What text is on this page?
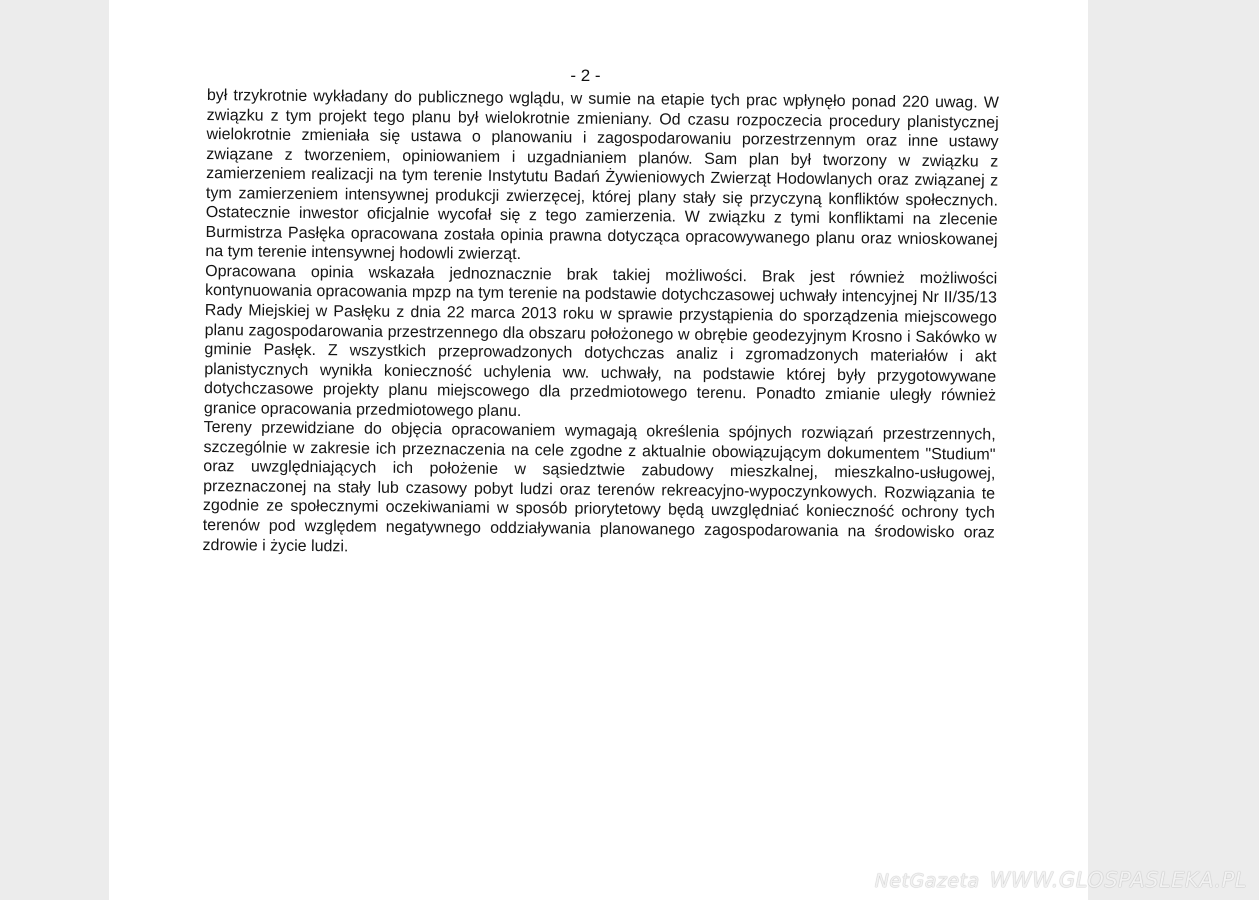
- 2 -

był trzykrotnie wykładany do publicznego wglądu, w sumie na etapie tych prac wpłynęło ponad 220 uwag. W związku z tym projekt tego planu był wielokrotnie zmieniany. Od czasu rozpoczecia procedury planistycznej wielokrotnie zmieniała się ustawa o planowaniu i zagospodarowaniu porzestrzennym oraz inne ustawy związane z tworzeniem, opiniowaniem i uzgadnianiem planów. Sam plan był tworzony w związku z zamierzeniem realizacji na tym terenie Instytutu Badań Żywieniowych Zwierząt Hodowlanych oraz związanej z tym zamierzeniem intensywnej produkcji zwierzęcej, której plany stały się przyczyną konfliktów społecznych. Ostatecznie inwestor oficjalnie wycofał się z tego zamierzenia. W związku z tymi konfliktami na zlecenie Burmistrza Pasłęka opracowana została opinia prawna dotycząca opracowywanego planu oraz wnioskowanej na tym terenie intensywnej hodowli zwierząt.

Opracowana opinia wskazała jednoznacznie brak takiej możliwości. Brak jest również możliwości kontynuowania opracowania mpzp na tym terenie na podstawie dotychczasowej uchwały intencyjnej Nr II/35/13 Rady Miejskiej w Pasłęku z dnia 22 marca 2013 roku w sprawie przystąpienia do sporządzenia miejscowego planu zagospodarowania przestrzennego dla obszaru położonego w obrębie geodezyjnym Krosno i Sakówko w gminie Pasłęk. Z wszystkich przeprowadzonych dotychczas analiz i zgromadzonych materiałów i akt planistycznych wynikła konieczność uchylenia ww. uchwały, na podstawie której były przygotowywane dotychczasowe projekty planu miejscowego dla przedmiotowego terenu. Ponadto zmianie uległy również granice opracowania przedmiotowego planu.

Tereny przewidziane do objęcia opracowaniem wymagają określenia spójnych rozwiązań przestrzennych, szczególnie w zakresie ich przeznaczenia na cele zgodne z aktualnie obowiązującym dokumentem "Studium" oraz uwzględniających ich położenie w sąsiedztwie zabudowy mieszkalnej, mieszkalno-usługowej, przeznaczonej na stały lub czasowy pobyt ludzi oraz terenów rekreacyjno-wypoczynkowych. Rozwiązania te zgodnie ze społecznymi oczekiwaniami w sposób priorytetowy będą uwzględniać konieczność ochrony tych terenów pod względem negatywnego oddziaływania planowanego zagospodarowania na środowisko oraz zdrowie i życie ludzi.

NetGazeta WWW.GLOSPASLEKA.PL
